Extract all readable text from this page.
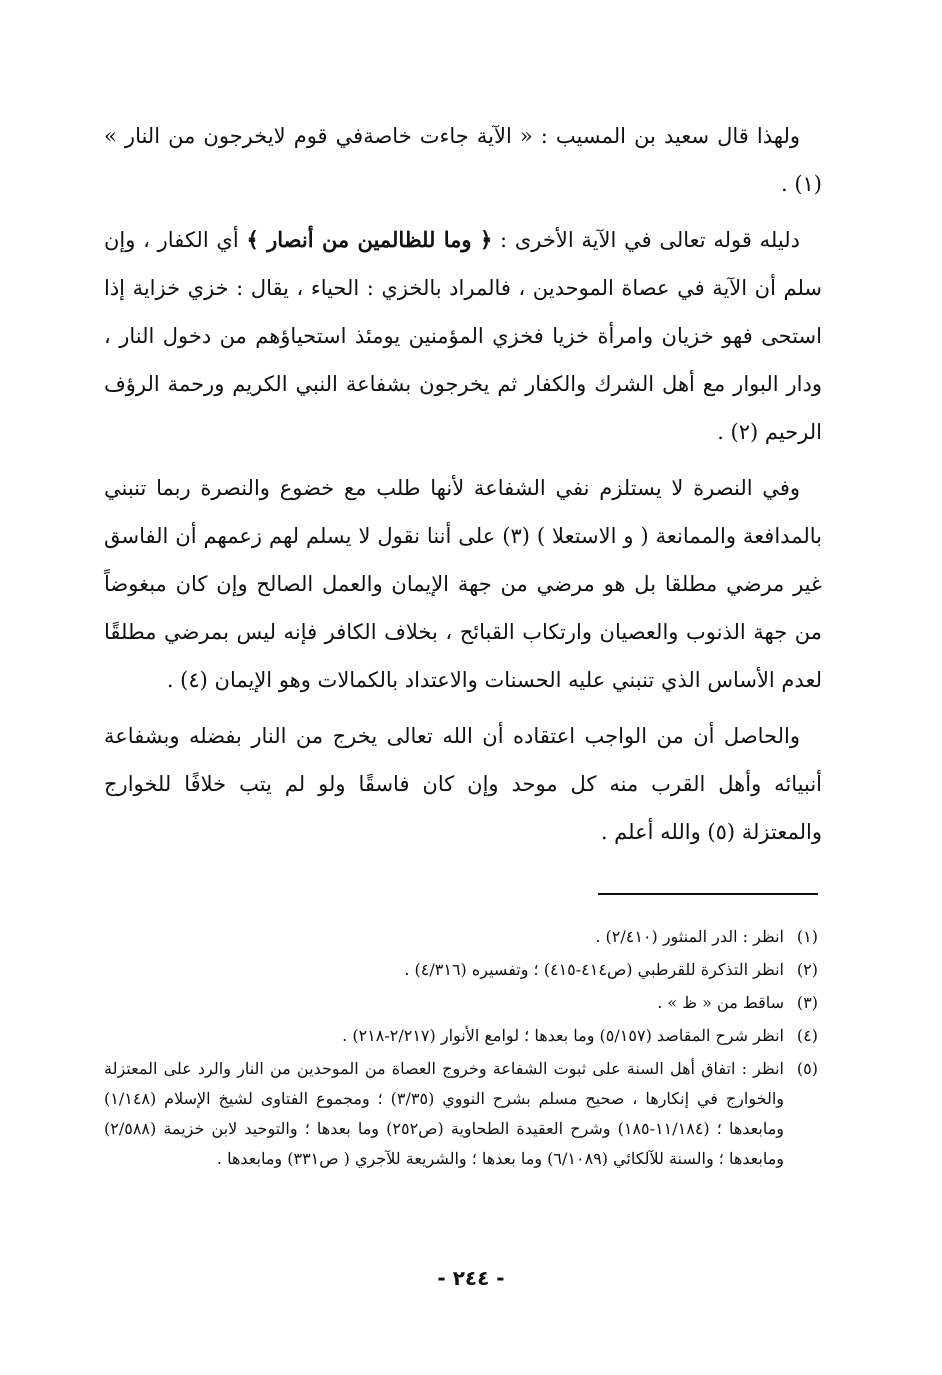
ولهذا قال سعيد بن المسيب : « الآية جاءت خاصةفي قوم لايخرجون من النار » (١) .

دليله قوله تعالى في الآية الأخرى : ﴿ وما للظالمين من أنصار ﴾ أي الكفار ، وإن سلم أن الآية في عصاة الموحدين ، فالمراد بالخزي : الحياء ، يقال : خزي خزاية إذا استحى فهو خزيان وامرأة خزيا فخزي المؤمنين يومئذ استحياؤهم من دخول النار ، ودار البوار مع أهل الشرك والكفار ثم يخرجون بشفاعة النبي الكريم ورحمة الرؤف الرحيم (٢) .

وفي النصرة لا يستلزم نفي الشفاعة لأنها طلب مع خضوع والنصرة ربما تنبني بالمدافعة والممانعة ( و الاستعلا ) (٣) على أننا نقول لا يسلم لهم زعمهم أن الفاسق غير مرضي مطلقا بل هو مرضي من جهة الإيمان والعمل الصالح وإن كان مبغوضاً من جهة الذنوب والعصيان وارتكاب القبائح ، بخلاف الكافر فإنه ليس بمرضي مطلقًا لعدم الأساس الذي تنبني عليه الحسنات والاعتداد بالكمالات وهو الإيمان (٤) .

والحاصل أن من الواجب اعتقاده أن الله تعالى يخرج من النار بفضله وبشفاعة أنبيائه وأهل القرب منه كل موحد وإن كان فاسقًا ولو لم يتب خلافًا للخوارج والمعتزلة (٥) والله أعلم .

(١)
انظر : الدر المنثور (٢/٤١٠) .
(٢)
انظر التذكرة للقرطبي (ص٤١٤-٤١٥) ؛ وتفسيره (٤/٣١٦) .
(٣)
ساقط من « ظ » .
(٤)
انظر شرح المقاصد (٥/١٥٧) وما بعدها ؛ لوامع الأنوار (٢/٢١٧-٢١٨) .
(٥)
انظر : اتفاق أهل السنة على ثبوت الشفاعة وخروج العصاة من الموحدين من النار والرد على المعتزلة والخوارج في إنكارها ، صحيح مسلم بشرح النووي (٣/٣٥) ؛ ومجموع الفتاوى لشيخ الإسلام (١/١٤٨) ومابعدها ؛ (١١/١٨٤-١٨٥) وشرح العقيدة الطحاوية (ص٢٥٢) وما بعدها ؛ والتوحيد لابن خزيمة (٢/٥٨٨) ومابعدها ؛ والسنة للآلكائي (٦/١٠٨٩) وما بعدها ؛ والشريعة للآجري ( ص٣٣١) ومابعدها .
- ٢٤٤ -
